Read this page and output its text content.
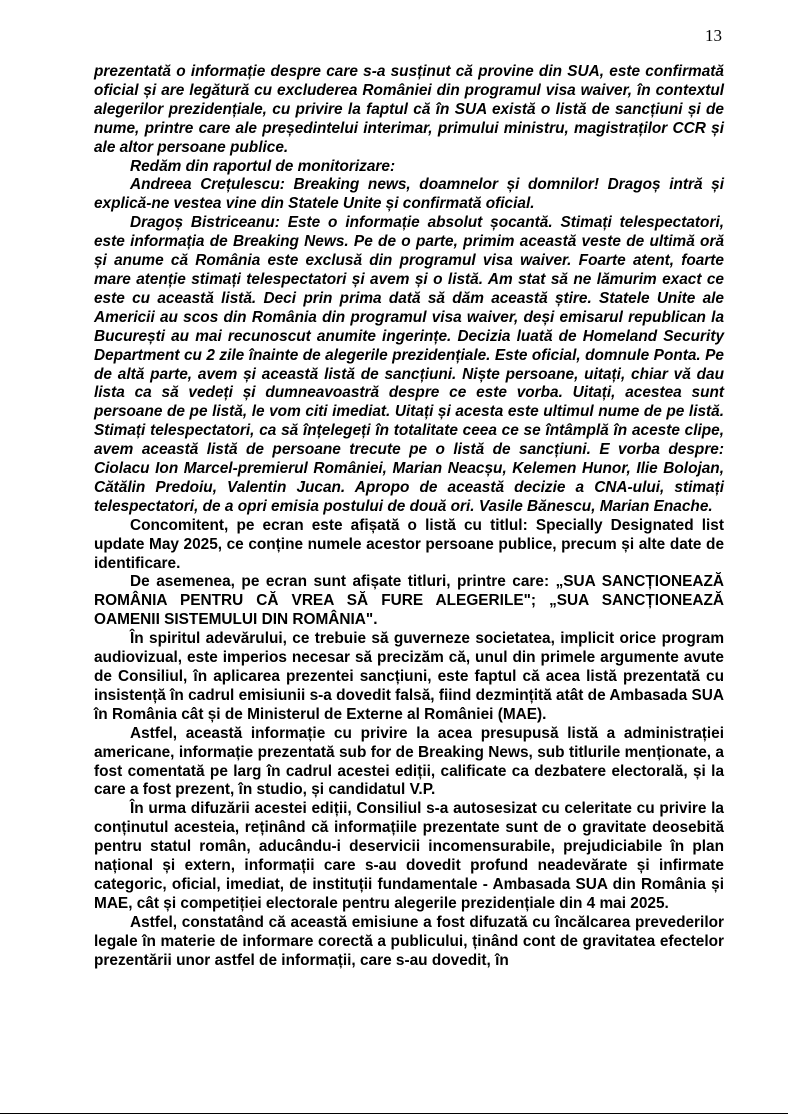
13

prezentată o informație despre care s-a susținut că provine din SUA, este confirmată oficial și are legătură cu excluderea României din programul visa waiver, în contextul alegerilor prezidențiale, cu privire la faptul că în SUA există o listă de sancțiuni și de nume, printre care ale președintelui interimar, primului ministru, magistraților CCR și ale altor persoane publice.

Redăm din raportul de monitorizare:

Andreea Crețulescu: Breaking news, doamnelor și domnilor! Dragoș intră și explică-ne vestea vine din Statele Unite și confirmată oficial.

Dragoș Bistriceanu: Este o informație absolut șocantă. Stimați telespectatori, este informația de Breaking News. Pe de o parte, primim această veste de ultimă oră și anume că România este exclusă din programul visa waiver. Foarte atent, foarte mare atenție stimați telespectatori și avem și o listă. Am stat să ne lămurim exact ce este cu această listă. Deci prin prima dată să dăm această știre. Statele Unite ale Americii au scos din România din programul visa waiver, deși emisarul republican la București au mai recunoscut anumite ingerințe. Decizia luată de Homeland Security Department cu 2 zile înainte de alegerile prezidențiale. Este oficial, domnule Ponta. Pe de altă parte, avem și această listă de sancțiuni. Niște persoane, uitați, chiar vă dau lista ca să vedeți și dumneavoastră despre ce este vorba. Uitați, acestea sunt persoane de pe listă, le vom citi imediat. Uitați și acesta este ultimul nume de pe listă. Stimați telespectatori, ca să înțelegeți în totalitate ceea ce se întâmplă în aceste clipe, avem această listă de persoane trecute pe o listă de sancțiuni. E vorba despre: Ciolacu Ion Marcel-premierul României, Marian Neacșu, Kelemen Hunor, Ilie Bolojan, Cătălin Predoiu, Valentin Jucan. Apropo de această decizie a CNA-ului, stimați telespectatori, de a opri emisia postului de două ori. Vasile Bănescu, Marian Enache.

Concomitent, pe ecran este afișată o listă cu titlul: Specially Designated list update May 2025, ce conține numele acestor persoane publice, precum și alte date de identificare.

De asemenea, pe ecran sunt afișate titluri, printre care: „SUA SANCȚIONEAZĂ ROMÂNIA PENTRU CĂ VREA SĂ FURE ALEGERILE"; „SUA SANCȚIONEAZĂ OAMENII SISTEMULUI DIN ROMÂNIA".

În spiritul adevărului, ce trebuie să guverneze societatea, implicit orice program audiovizual, este imperios necesar să precizăm că, unul din primele argumente avute de Consiliul, în aplicarea prezentei sancțiuni, este faptul că acea listă prezentată cu insistență în cadrul emisiunii s-a dovedit falsă, fiind dezmințită atât de Ambasada SUA în România cât și de Ministerul de Externe al României (MAE).

Astfel, această informație cu privire la acea presupusă listă a administrației americane, informație prezentată sub for de Breaking News, sub titlurile menționate, a fost comentată pe larg în cadrul acestei ediții, calificate ca dezbatere electorală, și la care a fost prezent, în studio, și candidatul V.P.

În urma difuzării acestei ediții, Consiliul s-a autosesizat cu celeritate cu privire la conținutul acesteia, reținând că informațiile prezentate sunt de o gravitate deosebită pentru statul român, aducându-i deservicii incomensurabile, prejudiciabile în plan național și extern, informații care s-au dovedit profund neadevărate și infirmate categoric, oficial, imediat, de instituții fundamentale - Ambasada SUA din România și MAE, cât și competiției electorale pentru alegerile prezidențiale din 4 mai 2025.

Astfel, constatând că această emisiune a fost difuzată cu încălcarea prevederilor legale în materie de informare corectă a publicului, ținând cont de gravitatea efectelor prezentării unor astfel de informații, care s-au dovedit, în
